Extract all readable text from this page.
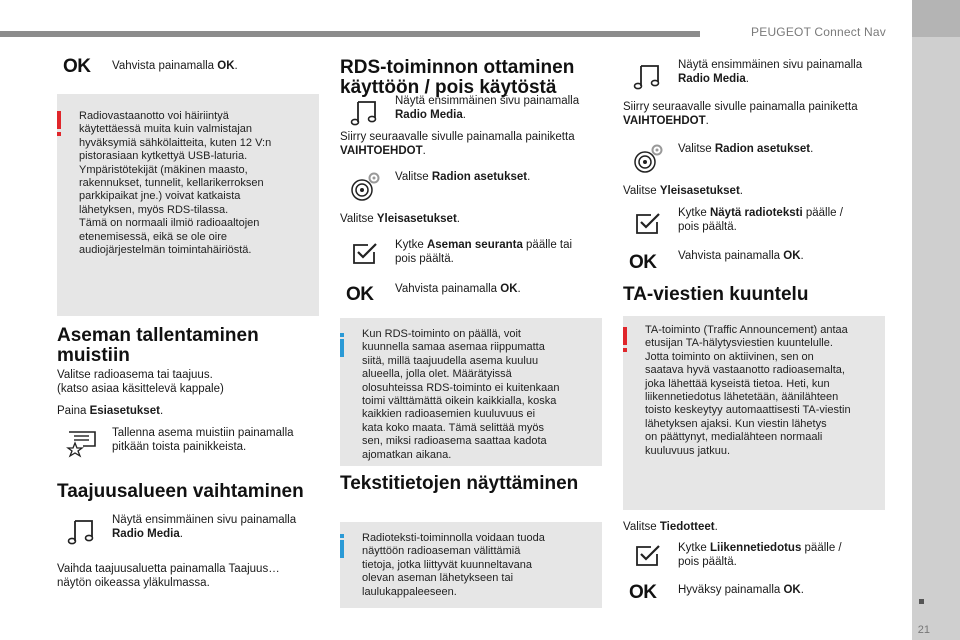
PEUGEOT Connect Nav
21
OK Vahvista painamalla OK.
Radiovastaanotto voi häiriintyä
käytettäessä muita kuin valmistajan
hyväksymiä sähkölaitteita, kuten 12 V:n
pistorasiaan kytkettyä USB-laturia.
Ympäristötekijät (mäkinen maasto,
rakennukset, tunnelit, kellarikerroksen
parkkipaikat jne.) voivat katkaista
lähetyksen, myös RDS-tilassa.
Tämä on normaali ilmiö radioaaltojen
etenemisessä, eikä se ole oire
audiojärjestelmän toimintahäiriöstä.
Aseman tallentaminen
muistiin
Valitse radioasema tai taajuus.
(katso asiaa käsittelevä kappale)
Paina Esiasetukset.
Tallenna asema muistiin painamalla
pitkään toista painikkeista.
Taajuusalueen vaihtaminen
Näytä ensimmäinen sivu painamalla
Radio Media.
Vaihda taajuusaluetta painamalla Taajuus…
näytön oikeassa yläkulmassa.
RDS-toiminnon ottaminen
käyttöön / pois käytöstä
Näytä ensimmäinen sivu painamalla
Radio Media.
Siirry seuraavalle sivulle painamalla painiketta
VAIHTOEHDOT.
Valitse Radion asetukset.
Valitse Yleisasetukset.
Kytke Aseman seuranta päälle tai
pois päältä.
OK Vahvista painamalla OK.
Kun RDS-toiminto on päällä, voit
kuunnella samaa asemaa riippumatta
siitä, millä taajuudella asema kuuluu
alueella, jolla olet. Määrätyissä
olosuhteissa RDS-toiminto ei kuitenkaan
toimi välttämättä oikein kaikkialla, koska
kaikkien radioasemien kuuluvuus ei
kata koko maata. Tämä selittää myös
sen, miksi radioasema saattaa kadota
ajomatkan aikana.
Tekstitietojen näyttäminen
Radioteksti-toiminnolla voidaan tuoda
näyttöön radioaseman välittämiä
tietoja, jotka liittyvät kuunneltavana
olevan aseman lähetykseen tai
laulukappaleeseen.
Näytä ensimmäinen sivu painamalla
Radio Media.
Siirry seuraavalle sivulle painamalla painiketta
VAIHTOEHDOT.
Valitse Radion asetukset.
Valitse Yleisasetukset.
Kytke Näytä radioteksti päälle /
pois päältä.
OK Vahvista painamalla OK.
TA-viestien kuuntelu
TA-toiminto (Traffic Announcement) antaa
etusijan TA-hälytysviestien kuuntelulle.
Jotta toiminto on aktiivinen, sen on
saatava hyvä vastaanotto radioasemalta,
joka lähettää kyseistä tietoa. Heti, kun
liikennetiedotus lähetetään, äänilähteen
toisto keskeytyy automaattisesti TA-viestin
lähetyksen ajaksi. Kun viestin lähetys
on päättynyt, medialähteen normaali
kuuluvuus jatkuu.
Valitse Tiedotteet.
Kytke Liikennetiedotus päälle /
pois päältä.
OK Hyväksy painamalla OK.
